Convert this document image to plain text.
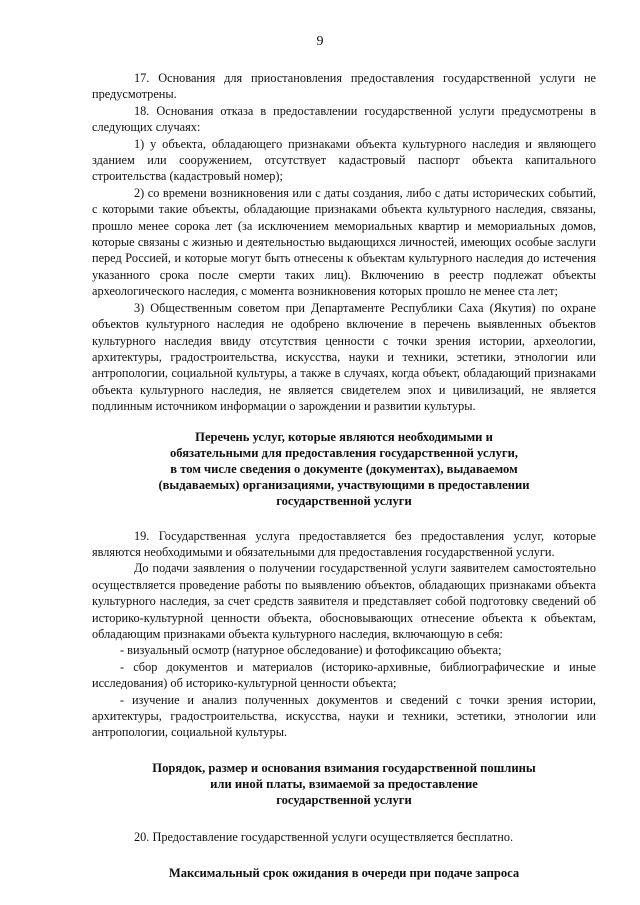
9

17. Основания для приостановления предоставления государственной услуги не предусмотрены.

18. Основания отказа в предоставлении государственной услуги предусмотрены в следующих случаях:

1) у объекта, обладающего признаками объекта культурного наследия и являющего зданием или сооружением, отсутствует кадастровый паспорт объекта капитального строительства (кадастровый номер);

2) со времени возникновения или с даты создания, либо с даты исторических событий, с которыми такие объекты, обладающие признаками объекта культурного наследия, связаны, прошло менее сорока лет (за исключением мемориальных квартир и мемориальных домов, которые связаны с жизнью и деятельностью выдающихся личностей, имеющих особые заслуги перед Россией, и которые могут быть отнесены к объектам культурного наследия до истечения указанного срока после смерти таких лиц). Включению в реестр подлежат объекты археологического наследия, с момента возникновения которых прошло не менее ста лет;

3) Общественным советом при Департаменте Республики Саха (Якутия) по охране объектов культурного наследия не одобрено включение в перечень выявленных объектов культурного наследия ввиду отсутствия ценности с точки зрения истории, археологии, архитектуры, градостроительства, искусства, науки и техники, эстетики, этнологии или антропологии, социальной культуры, а также в случаях, когда объект, обладающий признаками объекта культурного наследия, не является свидетелем эпох и цивилизаций, не является подлинным источником информации о зарождении и развитии культуры.

Перечень услуг, которые являются необходимыми и
обязательными для предоставления государственной услуги,
в том числе сведения о документе (документах), выдаваемом
(выдаваемых) организациями, участвующими в предоставлении
государственной услуги

19. Государственная услуга предоставляется без предоставления услуг, которые являются необходимыми и обязательными для предоставления государственной услуги.

До подачи заявления о получении государственной услуги заявителем самостоятельно осуществляется проведение работы по выявлению объектов, обладающих признаками объекта культурного наследия, за счет средств заявителя и представляет собой подготовку сведений об историко-культурной ценности объекта, обосновывающих отнесение объекта к объектам, обладающим признаками объекта культурного наследия, включающую в себя:

- визуальный осмотр (натурное обследование) и фотофиксацию объекта;

- сбор документов и материалов (историко-архивные, библиографические и иные исследования) об историко-культурной ценности объекта;

- изучение и анализ полученных документов и сведений с точки зрения истории, архитектуры, градостроительства, искусства, науки и техники, эстетики, этнологии или антропологии, социальной культуры.

Порядок, размер и основания взимания государственной пошлины
или иной платы, взимаемой за предоставление
государственной услуги

20. Предоставление государственной услуги осуществляется бесплатно.

Максимальный срок ожидания в очереди при подаче запроса
